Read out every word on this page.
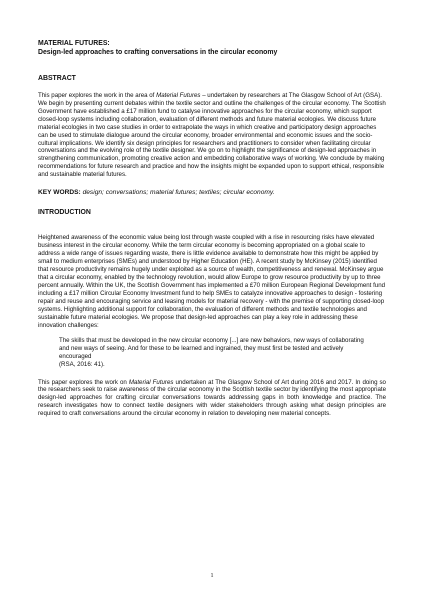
MATERIAL FUTURES:
Design-led approaches to crafting conversations in the circular economy
ABSTRACT

This paper explores the work in the area of Material Futures – undertaken by researchers at The Glasgow School of Art (GSA). We begin by presenting current debates within the textile sector and outline the challenges of the circular economy. The Scottish Government have established a £17 million fund to catalyse innovative approaches for the circular economy, which support closed-loop systems including collaboration, evaluation of different methods and future material ecologies. We discuss future material ecologies in two case studies in order to extrapolate the ways in which creative and participatory design approaches can be used to stimulate dialogue around the circular economy, broader environmental and economic issues and the socio-cultural implications. We identify six design principles for researchers and practitioners to consider when facilitating circular conversations and the evolving role of the textile designer. We go on to highlight the significance of design-led approaches in strengthening communication, promoting creative action and embedding collaborative ways of working. We conclude by making recommendations for future research and practice and how the insights might be expanded upon to support ethical, responsible and sustainable material futures.

KEY WORDS: design; conversations; material futures; textiles; circular economy.
INTRODUCTION

Heightened awareness of the economic value being lost through waste coupled with a rise in resourcing risks have elevated business interest in the circular economy. While the term circular economy is becoming appropriated on a global scale to address a wide range of issues regarding waste, there is little evidence available to demonstrate how this might be applied by small to medium enterprises (SMEs) and understood by Higher Education (HE). A recent study by McKinsey (2015) identified that resource productivity remains hugely under exploited as a source of wealth, competitiveness and renewal. McKinsey argue that a circular economy, enabled by the technology revolution, would allow Europe to grow resource productivity by up to three percent annually. Within the UK, the Scottish Government has implemented a £70 million European Regional Development fund including a £17 million Circular Economy Investment fund to help SMEs to catalyze innovative approaches to design - fostering repair and reuse and encouraging service and leasing models for material recovery - with the premise of supporting closed-loop systems. Highlighting additional support for collaboration, the evaluation of different methods and textile technologies and sustainable future material ecologies. We propose that design-led approaches can play a key role in addressing these innovation challenges:

The skills that must be developed in the new circular economy [...] are new behaviors, new ways of collaborating and new ways of seeing. And for these to be learned and ingrained, they must first be tested and actively encouraged
(RSA, 2016: 41).

This paper explores the work on Material Futures undertaken at The Glasgow School of Art during 2016 and 2017. In doing so the researchers seek to raise awareness of the circular economy in the Scottish textile sector by identifying the most appropriate design-led approaches for crafting circular conversations towards addressing gaps in both knowledge and practice. The research investigates how to connect textile designers with wider stakeholders through asking what design principles are required to craft conversations around the circular economy in relation to developing new material concepts.

1
